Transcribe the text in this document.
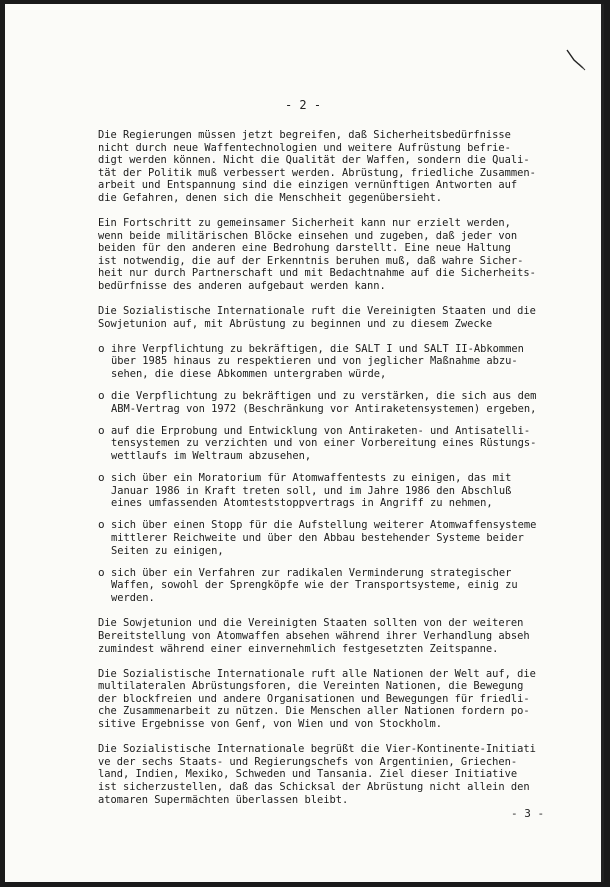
- 2 -

Die Regierungen müssen jetzt begreifen, daß Sicherheitsbedürfnisse
nicht durch neue Waffentechnologien und weitere Aufrüstung befrie-
digt werden können. Nicht die Qualität der Waffen, sondern die Quali-
tät der Politik muß verbessert werden. Abrüstung, friedliche Zusammen-
arbeit und Entspannung sind die einzigen vernünftigen Antworten auf
die Gefahren, denen sich die Menschheit gegenübersieht.

Ein Fortschritt zu gemeinsamer Sicherheit kann nur erzielt werden,
wenn beide militärischen Blöcke einsehen und zugeben, daß jeder von
beiden für den anderen eine Bedrohung darstellt. Eine neue Haltung
ist notwendig, die auf der Erkenntnis beruhen muß, daß wahre Sicher-
heit nur durch Partnerschaft und mit Bedachtnahme auf die Sicherheits-
bedürfnisse des anderen aufgebaut werden kann.

Die Sozialistische Internationale ruft die Vereinigten Staaten und die
Sowjetunion auf, mit Abrüstung zu beginnen und zu diesem Zwecke

o ihre Verpflichtung zu bekräftigen, die SALT I und SALT II-Abkommen
über 1985 hinaus zu respektieren und von jeglicher Maßnahme abzu-
sehen, die diese Abkommen untergraben würde,
o die Verpflichtung zu bekräftigen und zu verstärken, die sich aus dem
ABM-Vertrag von 1972 (Beschränkung vor Antiraketensystemen) ergeben,
o auf die Erprobung und Entwicklung von Antiraketen- und Antisatelli-
tensystemen zu verzichten und von einer Vorbereitung eines Rüstungs-
wettlaufs im Weltraum abzusehen,
o sich über ein Moratorium für Atomwaffentests zu einigen, das mit
Januar 1986 in Kraft treten soll, und im Jahre 1986 den Abschluß
eines umfassenden Atomteststoppvertrags in Angriff zu nehmen,
o sich über einen Stopp für die Aufstellung weiterer Atomwaffensysteme
mittlerer Reichweite und über den Abbau bestehender Systeme beider
Seiten zu einigen,
o sich über ein Verfahren zur radikalen Verminderung strategischer
Waffen, sowohl der Sprengköpfe wie der Transportsysteme, einig zu
werden.

Die Sowjetunion und die Vereinigten Staaten sollten von der weiteren
Bereitstellung von Atomwaffen absehen während ihrer Verhandlung abseh
zumindest während einer einvernehmlich festgesetzten Zeitspanne.

Die Sozialistische Internationale ruft alle Nationen der Welt auf, die
multilateralen Abrüstungsforen, die Vereinten Nationen, die Bewegung
der blockfreien und andere Organisationen und Bewegungen für friedli-
che Zusammenarbeit zu nützen. Die Menschen aller Nationen fordern po-
sitive Ergebnisse von Genf, von Wien und von Stockholm.

Die Sozialistische Internationale begrüßt die Vier-Kontinente-Initiati
ve der sechs Staats- und Regierungschefs von Argentinien, Griechen-
land, Indien, Mexiko, Schweden und Tansania. Ziel dieser Initiative
ist sicherzustellen, daß das Schicksal der Abrüstung nicht allein den
atomaren Supermächten überlassen bleibt.

- 3 -
